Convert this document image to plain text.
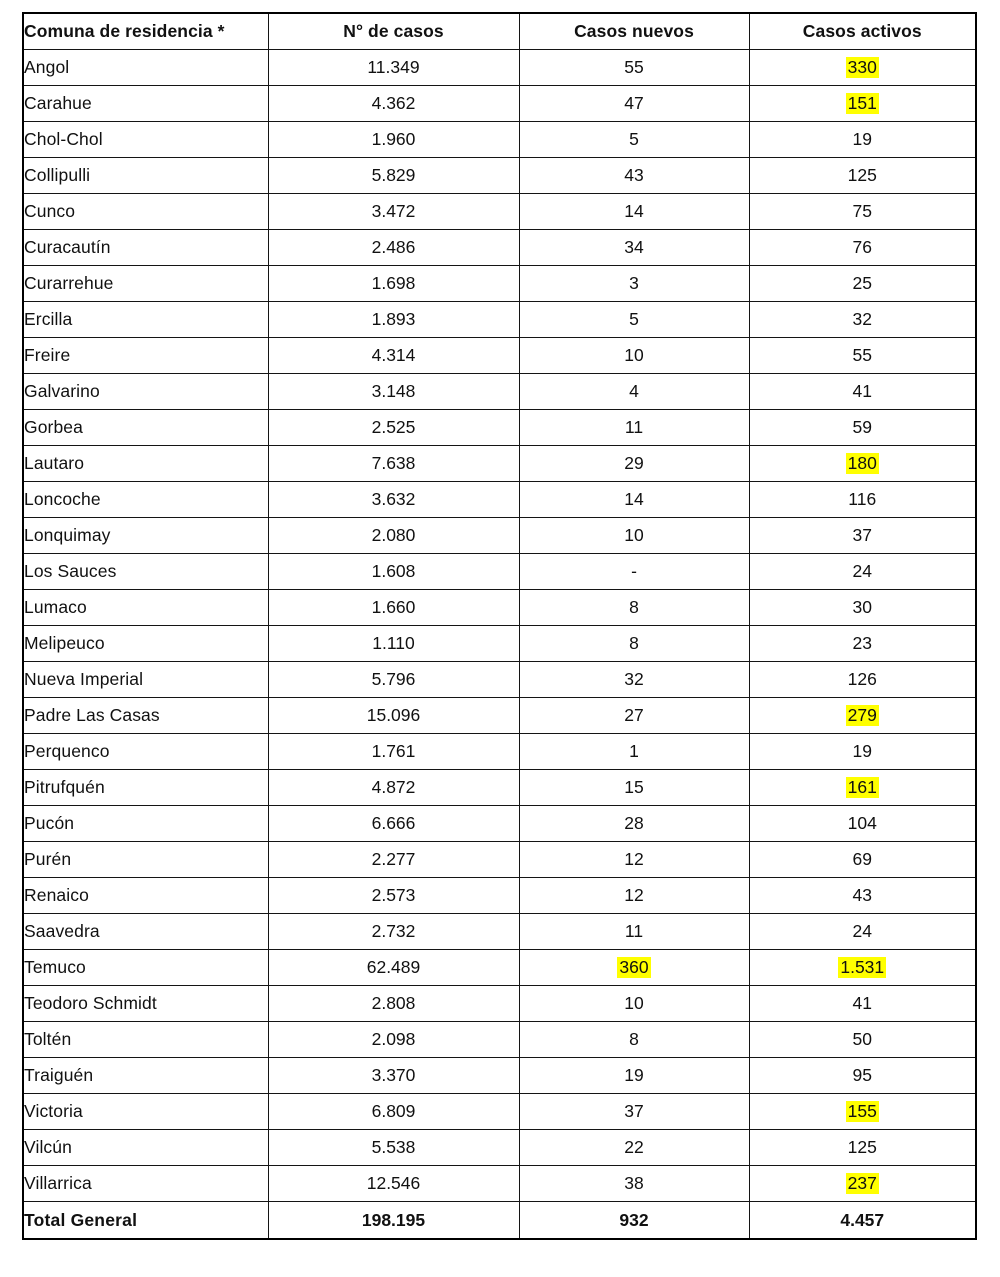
Comuna de residencia *	N° de casos	Casos nuevos	Casos activos
Angol	11.349	55	330
Carahue	4.362	47	151
Chol-Chol	1.960	5	19
Collipulli	5.829	43	125
Cunco	3.472	14	75
Curacautín	2.486	34	76
Curarrehue	1.698	3	25
Ercilla	1.893	5	32
Freire	4.314	10	55
Galvarino	3.148	4	41
Gorbea	2.525	11	59
Lautaro	7.638	29	180
Loncoche	3.632	14	116
Lonquimay	2.080	10	37
Los Sauces	1.608	-	24
Lumaco	1.660	8	30
Melipeuco	1.110	8	23
Nueva Imperial	5.796	32	126
Padre Las Casas	15.096	27	279
Perquenco	1.761	1	19
Pitrufquén	4.872	15	161
Pucón	6.666	28	104
Purén	2.277	12	69
Renaico	2.573	12	43
Saavedra	2.732	11	24
Temuco	62.489	360	1.531
Teodoro Schmidt	2.808	10	41
Toltén	2.098	8	50
Traiguén	3.370	19	95
Victoria	6.809	37	155
Vilcún	5.538	22	125
Villarrica	12.546	38	237
Total General	198.195	932	4.457
